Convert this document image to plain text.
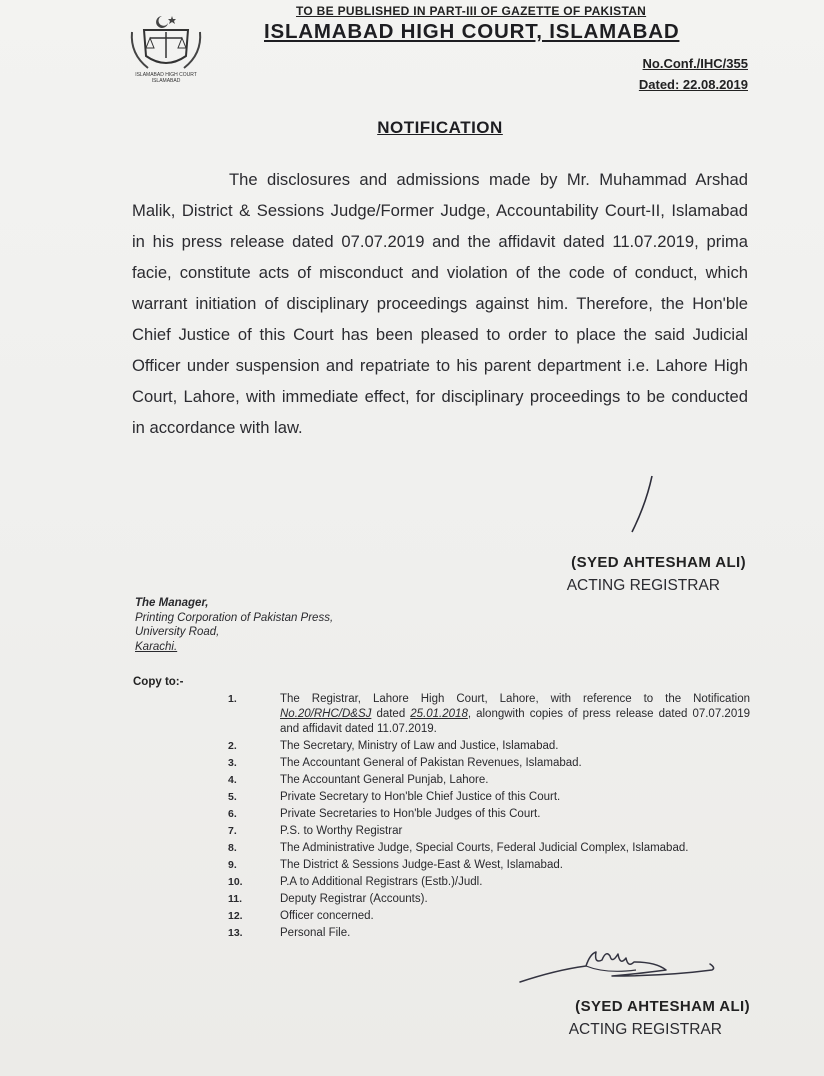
TO BE PUBLISHED IN PART-III OF GAZETTE OF PAKISTAN
ISLAMABAD HIGH COURT
ISLAMABAD
ISLAMABAD HIGH COURT, ISLAMABAD
No.Conf./IHC/355
Dated: 22.08.2019
NOTIFICATION
The disclosures and admissions made by Mr. Muhammad Arshad Malik, District & Sessions Judge/Former Judge, Accountability Court-II, Islamabad in his press release dated 07.07.2019 and the affidavit dated 11.07.2019, prima facie, constitute acts of misconduct and violation of the code of conduct, which warrant initiation of disciplinary proceedings against him. Therefore, the Hon'ble Chief Justice of this Court has been pleased to order to place the said Judicial Officer under suspension and repatriate to his parent department i.e. Lahore High Court, Lahore, with immediate effect, for disciplinary proceedings to be conducted in accordance with law.
(SYED AHTESHAM ALI)
ACTING REGISTRAR
The Manager,
Printing Corporation of Pakistan Press,
University Road,
Karachi.
Copy to:-
1.	The Registrar, Lahore High Court, Lahore, with reference to the Notification No.20/RHC/D&SJ dated 25.01.2018, alongwith copies of press release dated 07.07.2019 and affidavit dated 11.07.2019.
2.	The Secretary, Ministry of Law and Justice, Islamabad.
3.	The Accountant General of Pakistan Revenues, Islamabad.
4.	The Accountant General Punjab, Lahore.
5.	Private Secretary to Hon'ble Chief Justice of this Court.
6.	Private Secretaries to Hon'ble Judges of this Court.
7.	P.S. to Worthy Registrar
8.	The Administrative Judge, Special Courts, Federal Judicial Complex, Islamabad.
9.	The District & Sessions Judge-East & West, Islamabad.
10.	P.A to Additional Registrars (Estb.)/Judl.
11.	Deputy Registrar (Accounts).
12.	Officer concerned.
13.	Personal File.
(SYED AHTESHAM ALI)
ACTING REGISTRAR
